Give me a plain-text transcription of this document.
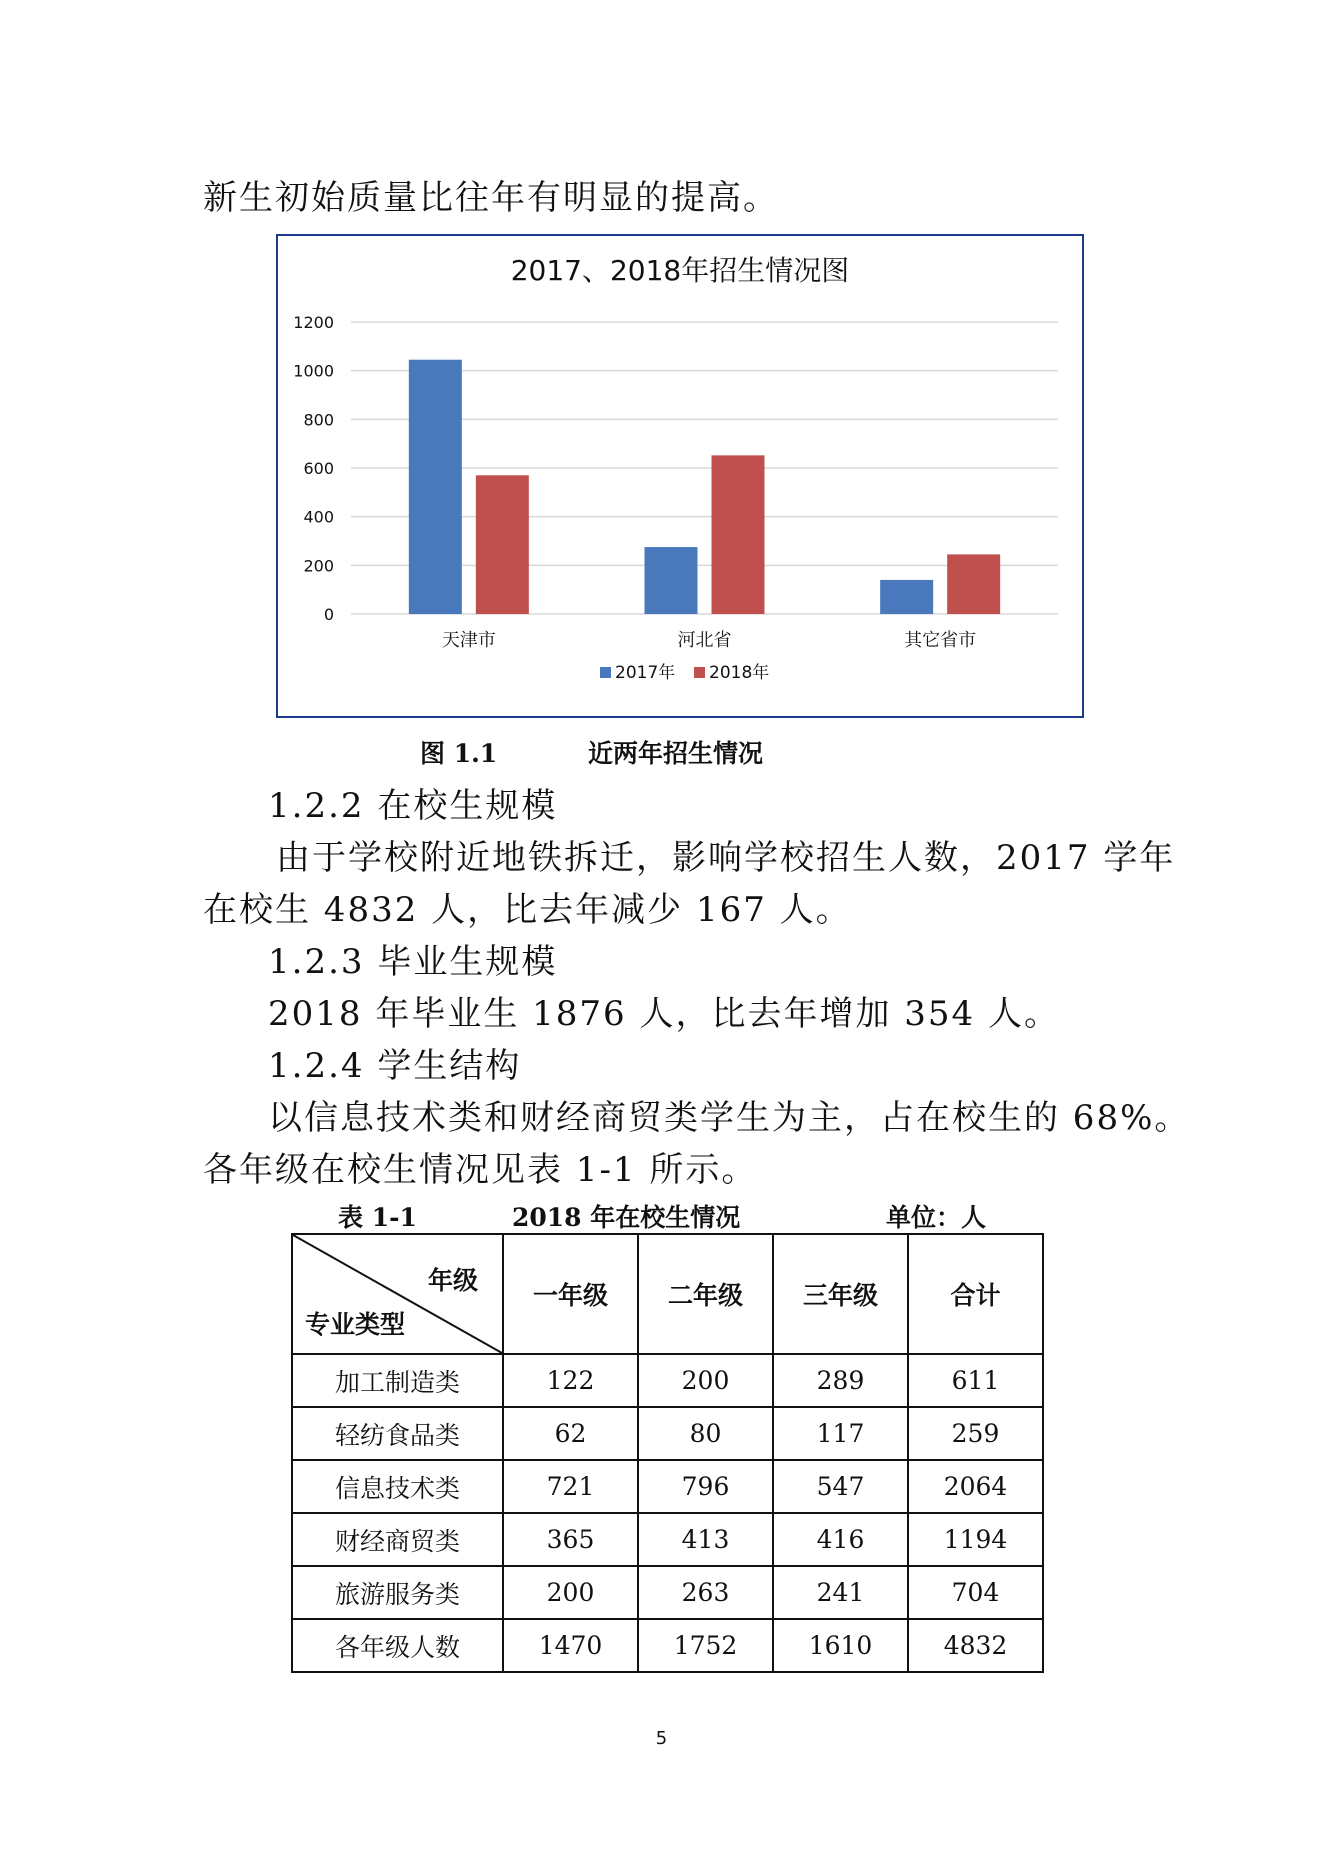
新生初始质量比往年有明显的提高。
2017、2018年招生情况图
0
200
400
600
800
1000
1200
天津市	河北省	其它省市
2017年 2018年
图 1.1	近两年招生情况
1.2.2 在校生规模
由于学校附近地铁拆迁，影响学校招生人数，2017 学年
在校生 4832 人，比去年减少 167 人。
1.2.3 毕业生规模
2018 年毕业生 1876 人，比去年增加 354 人。
1.2.4 学生结构
以信息技术类和财经商贸类学生为主，占在校生的 68%。
各年级在校生情况见表 1-1 所示。
表 1-1	2018 年在校生情况	单位：人
年级
专业类型	一年级	二年级	三年级	合计
加工制造类	122	200	289	611
轻纺食品类	62	80	117	259
信息技术类	721	796	547	2064
财经商贸类	365	413	416	1194
旅游服务类	200	263	241	704
各年级人数	1470	1752	1610	4832
5
